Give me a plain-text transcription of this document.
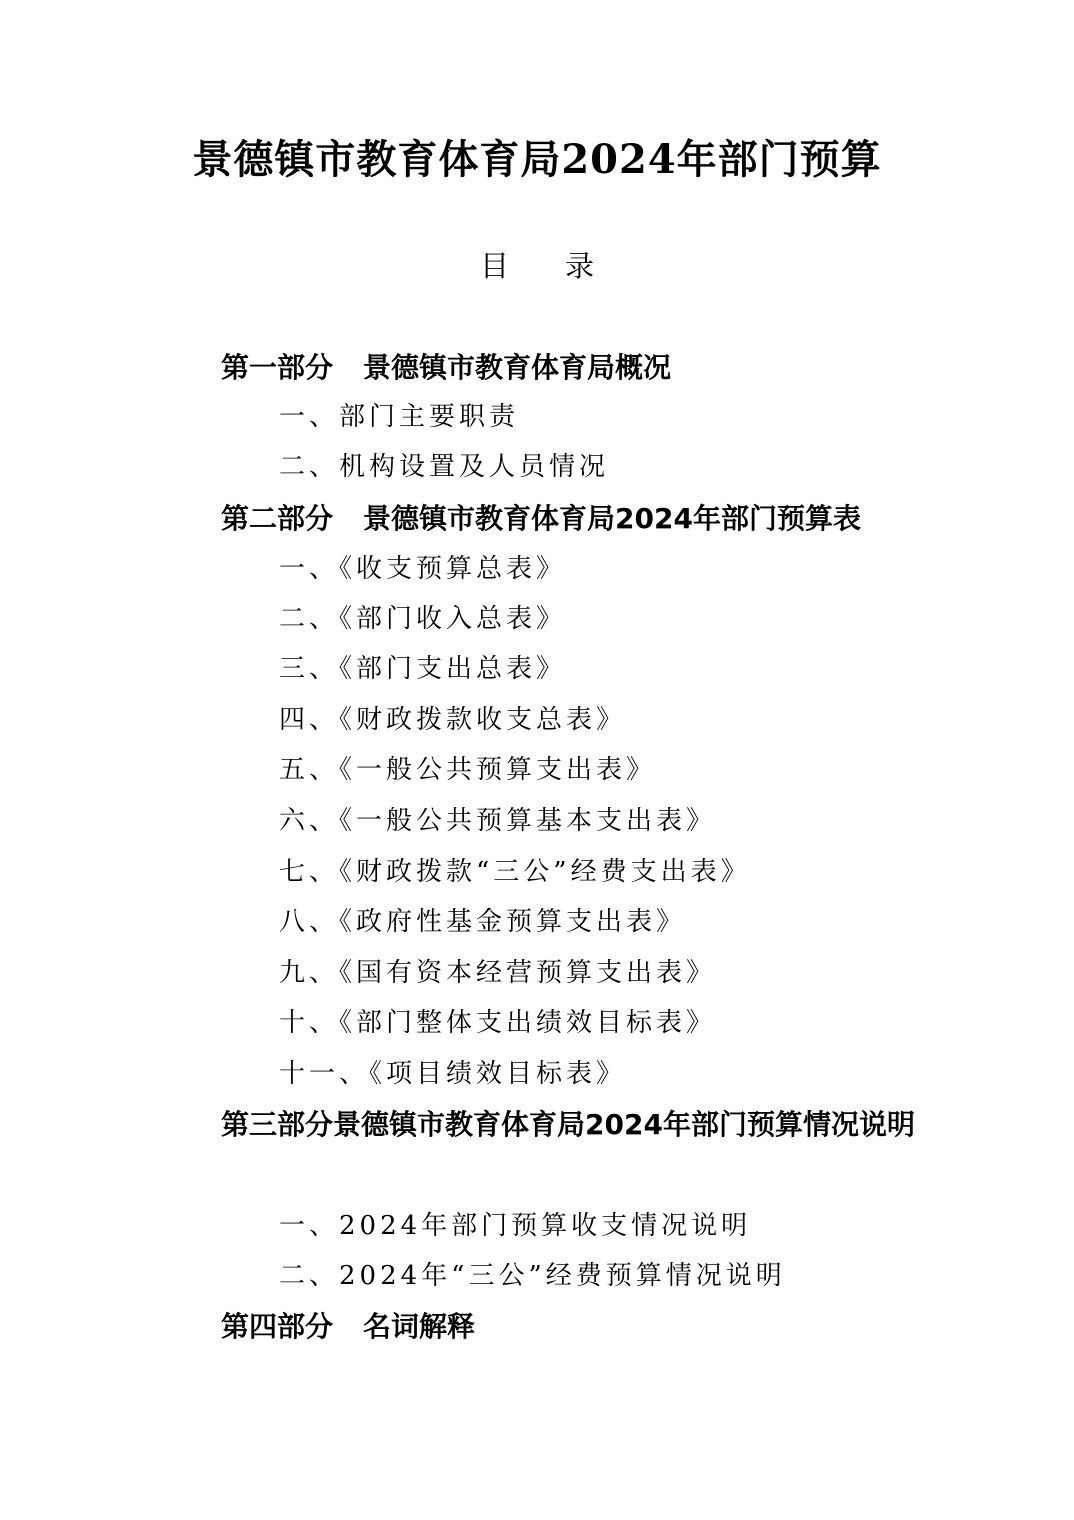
景德镇市教育体育局2024年部门预算
目 录
第一部分 景德镇市教育体育局概况
一、部门主要职责
二、机构设置及人员情况
第二部分 景德镇市教育体育局2024年部门预算表
一、《收支预算总表》
二、《部门收入总表》
三、《部门支出总表》
四、《财政拨款收支总表》
五、《一般公共预算支出表》
六、《一般公共预算基本支出表》
七、《财政拨款“三公”经费支出表》
八、《政府性基金预算支出表》
九、《国有资本经营预算支出表》
十、《部门整体支出绩效目标表》
十一、《项目绩效目标表》
第三部分景德镇市教育体育局2024年部门预算情况说明
一、2024年部门预算收支情况说明
二、2024年“三公”经费预算情况说明
第四部分 名词解释
